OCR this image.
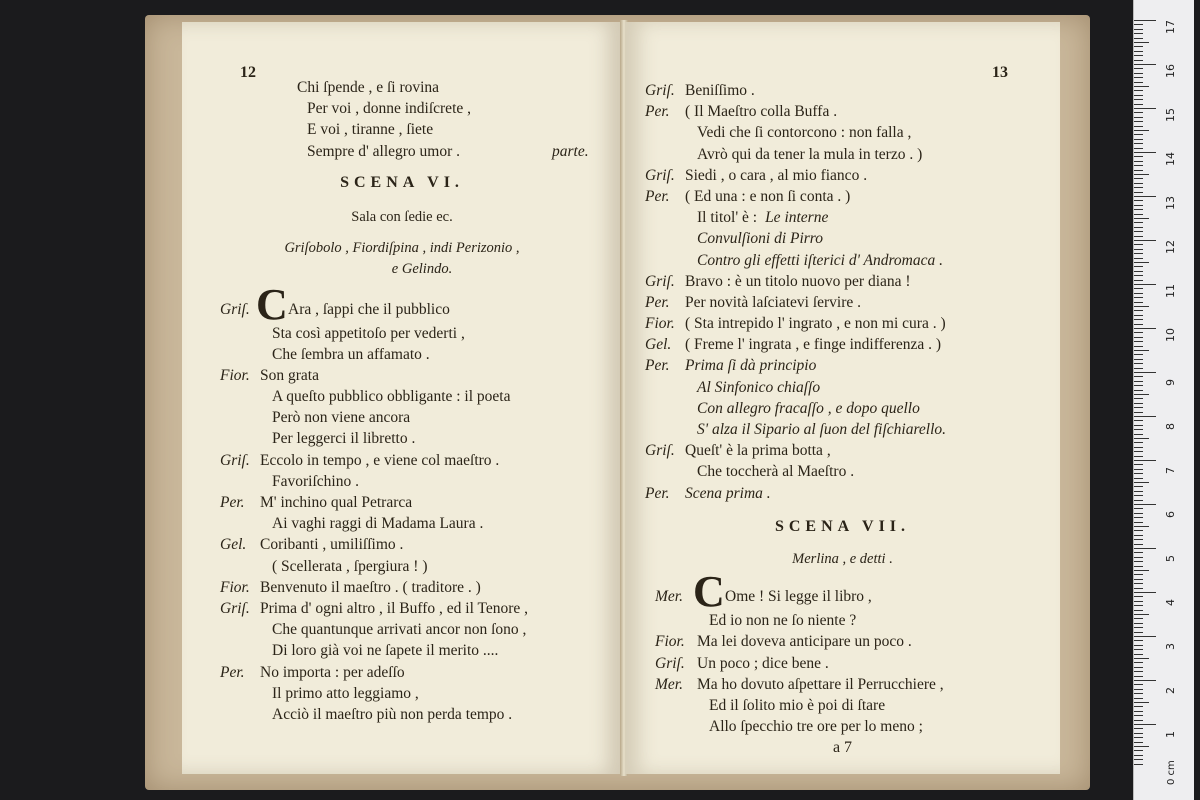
12
Chi ſpende , e ſi rovina
Per voi , donne indiſcrete ,
E voi , tiranne , ſiete
Sempre d' allegro umor .	parte.
SCENA VI.
Sala con ſedie ec.
Griſobolo , Fiordiſpina , indi Perizonio ,
e Gelindo.
Griſ. C Ara , ſappi che il pubblico
Sta così appetitoſo per vederti ,
Che ſembra un affamato .
Fior. Son grata
A queſto pubblico obbligante : il poeta
Però non viene ancora
Per leggerci il libretto .
Griſ. Eccolo in tempo , e viene col maeſtro .
Favoriſchino .
Per. M' inchino qual Petrarca
Ai vaghi raggi di Madama Laura .
Gel. Coribanti , umiliſſimo .
( Scellerata , ſpergiura ! )
Fior. Benvenuto il maeſtro . ( traditore . )
Griſ. Prima d' ogni altro , il Buffo , ed il Tenore ,
Che quantunque arrivati ancor non ſono ,
Di loro già voi ne ſapete il merito ....
Per. No importa : per adeſſo
Il primo atto leggiamo ,
Acciò il maeſtro più non perda tempo .
13
Griſ. Beniſſimo .
Per. ( Il Maeſtro colla Buffa .
Vedi che ſi contorcono : non falla ,
Avrò qui da tener la mula in terzo . )
Griſ. Siedi , o cara , al mio fianco .
Per. ( Ed una : e non ſi conta . )
Il titol' è : Le interne
Convulſioni di Pirro
Contro gli effetti iſterici d' Andromaca .
Griſ. Bravo : è un titolo nuovo per diana !
Per. Per novità laſciatevi ſervire .
Fior. ( Sta intrepido l' ingrato , e non mi cura . )
Gel. ( Freme l' ingrata , e finge indifferenza . )
Per. Prima ſi dà principio
Al Sinfonico chiaſſo
Con allegro fracaſſo , e dopo quello
S' alza il Sipario al ſuon del fiſchiarello.
Griſ. Queſt' è la prima botta ,
Che toccherà al Maeſtro .
Per. Scena prima .
SCENA VII.
Merlina , e detti .
Mer. C Ome ! Si legge il libro ,
Ed io non ne ſo niente ?
Fior. Ma lei doveva anticipare un poco .
Griſ. Un poco ; dice bene .
Mer. Ma ho dovuto aſpettare il Perrucchiere ,
Ed il ſolito mio è poi di ſtare
Allo ſpecchio tre ore per lo meno ;
a 7
0 cm
17
16
15
14
13
12
11
10
9
8
7
6
5
4
3
2
1
